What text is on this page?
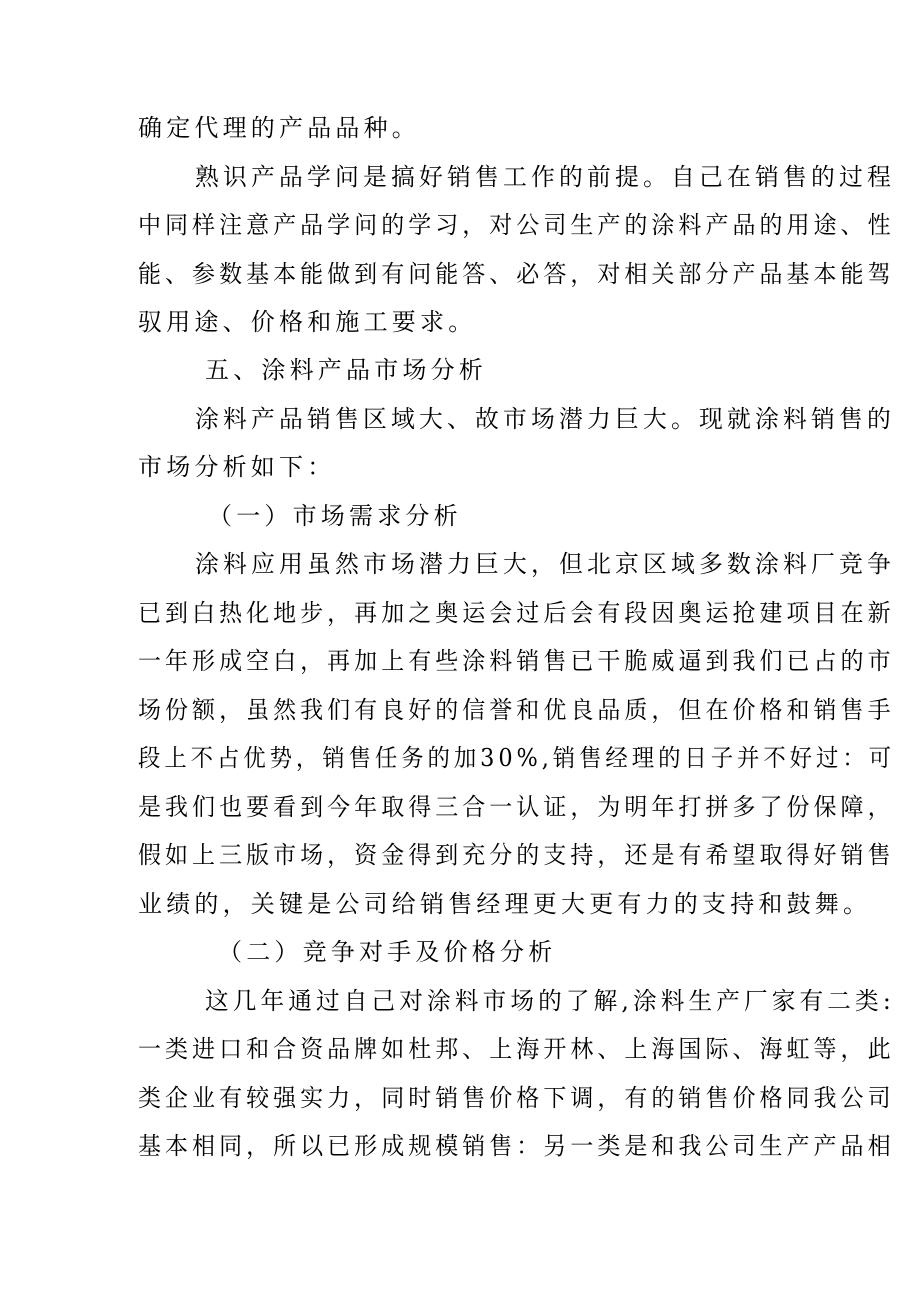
确定代理的产品品种。
熟识产品学问是搞好销售工作的前提。自己在销售的过程
中同样注意产品学问的学习，对公司生产的涂料产品的用途、性
能、参数基本能做到有问能答、必答，对相关部分产品基本能驾
驭用途、价格和施工要求。
五、涂料产品市场分析
涂料产品销售区域大、故市场潜力巨大。现就涂料销售的
市场分析如下：
（一）市场需求分析
涂料应用虽然市场潜力巨大，但北京区域多数涂料厂竞争
已到白热化地步，再加之奥运会过后会有段因奥运抢建项目在新
一年形成空白，再加上有些涂料销售已干脆威逼到我们已占的市
场份额，虽然我们有良好的信誉和优良品质，但在价格和销售手
段上不占优势，销售任务的加30%,销售经理的日子并不好过：可
是我们也要看到今年取得三合一认证，为明年打拼多了份保障，
假如上三版市场，资金得到充分的支持，还是有希望取得好销售
业绩的，关键是公司给销售经理更大更有力的支持和鼓舞。
（二）竞争对手及价格分析
这几年通过自己对涂料市场的了解,涂料生产厂家有二类:
一类进口和合资品牌如杜邦、上海开林、上海国际、海虹等，此
类企业有较强实力，同时销售价格下调，有的销售价格同我公司
基本相同，所以已形成规模销售：另一类是和我公司生产产品相
